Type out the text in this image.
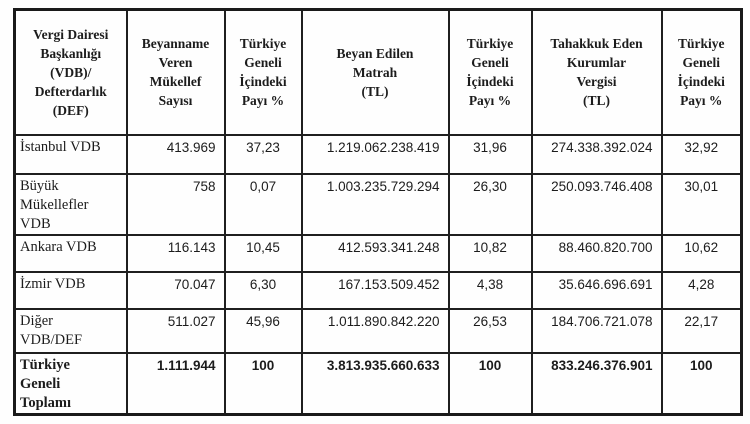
Vergi Dairesi
Başkanlığı
(VDB)/
Defterdarlık
(DEF)	Beyanname
Veren
Mükellef
Sayısı	Türkiye
Geneli
İçindeki
Payı %	Beyan Edilen
Matrah
(TL)	Türkiye
Geneli
İçindeki
Payı %	Tahakkuk Eden
Kurumlar
Vergisi
(TL)	Türkiye
Geneli
İçindeki
Payı %
İstanbul VDB	413.969	37,23	1.219.062.238.419	31,96	274.338.392.024	32,92
Büyük
Mükellefler
VDB	758	0,07	1.003.235.729.294	26,30	250.093.746.408	30,01
Ankara VDB	116.143	10,45	412.593.341.248	10,82	88.460.820.700	10,62
İzmir VDB	70.047	6,30	167.153.509.452	4,38	35.646.696.691	4,28
Diğer
VDB/DEF	511.027	45,96	1.011.890.842.220	26,53	184.706.721.078	22,17
Türkiye
Geneli
Toplamı	1.111.944	100	3.813.935.660.633	100	833.246.376.901	100
